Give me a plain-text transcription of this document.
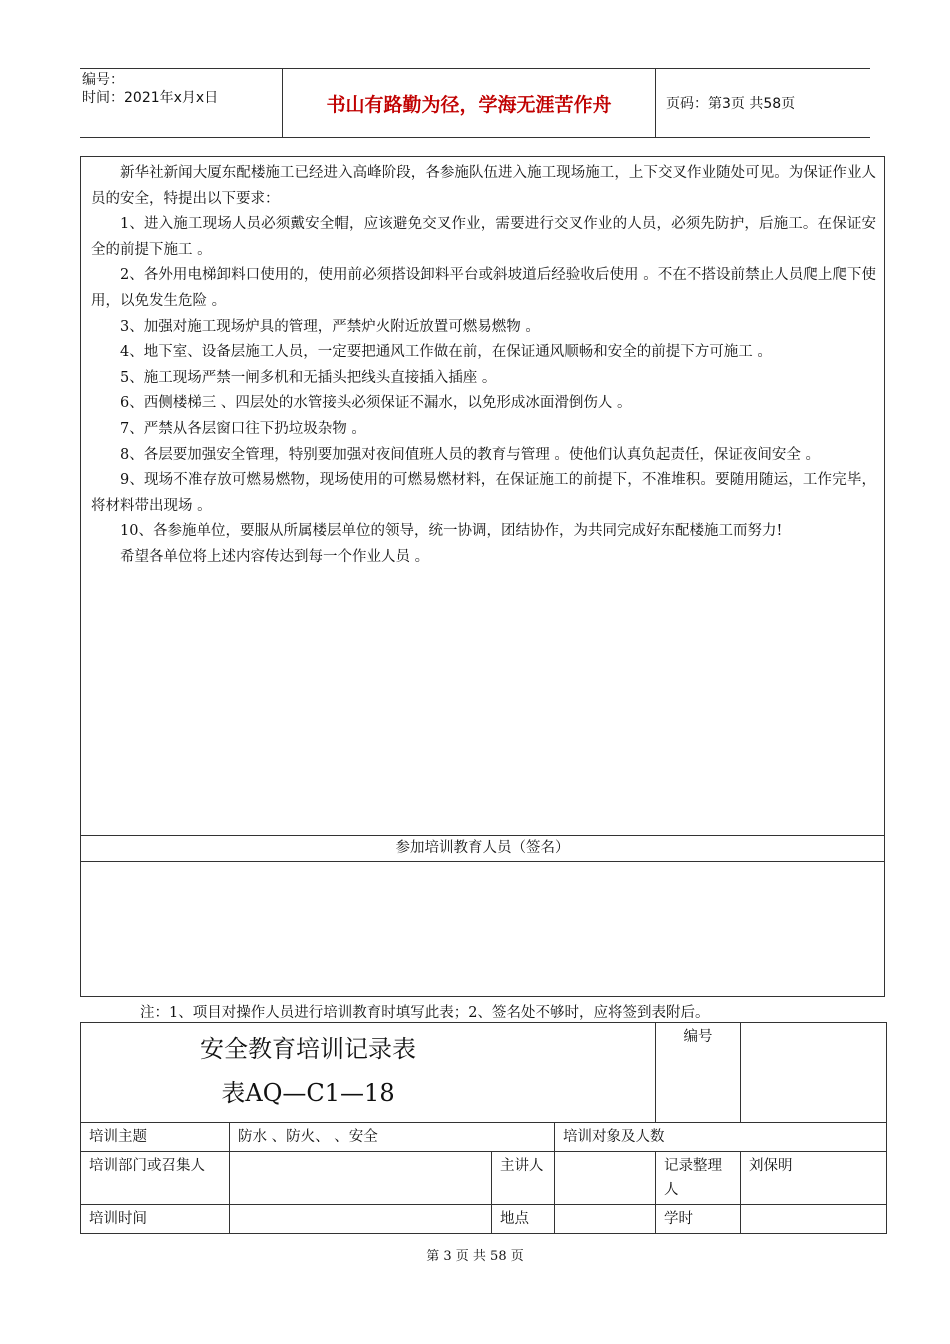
编号：
时间：2021年x月x日	书山有路勤为径，学海无涯苦作舟	页码：第3页 共58页

新华社新闻大厦东配楼施工已经进入高峰阶段，各参施队伍进入施工现场施工，上下交叉作业随处可见。为保证作业人员的安全，特提出以下要求：

1、进入施工现场人员必须戴安全帽，应该避免交叉作业，需要进行交叉作业的人员，必须先防护，后施工。在保证安全的前提下施工 。

2、各外用电梯卸料口使用的，使用前必须搭设卸料平台或斜坡道后经验收后使用 。不在不搭设前禁止人员爬上爬下使用，以免发生危险 。

3、加强对施工现场炉具的管理，严禁炉火附近放置可燃易燃物 。

4、地下室、设备层施工人员，一定要把通风工作做在前，在保证通风顺畅和安全的前提下方可施工 。

5、施工现场严禁一闸多机和无插头把线头直接插入插座 。

6、西侧楼梯三 、四层处的水管接头必须保证不漏水，以免形成冰面滑倒伤人 。

7、严禁从各层窗口往下扔垃圾杂物 。

8、各层要加强安全管理，特别要加强对夜间值班人员的教育与管理 。使他们认真负起责任，保证夜间安全 。

9、现场不准存放可燃易燃物，现场使用的可燃易燃材料，在保证施工的前提下，不准堆积。要随用随运，工作完毕，将材料带出现场 。

10、各参施单位，要服从所属楼层单位的领导，统一协调，团结协作，为共同完成好东配楼施工而努力!

希望各单位将上述内容传达到每一个作业人员 。

参加培训教育人员（签名）
注：1、项目对操作人员进行培训教育时填写此表；2、签名处不够时，应将签到表附后。
安全教育培训记录表
表AQ—C1—18				编号	
培训主题	防水 、防火、 、安全		培训对象及人数		
培训部门或召集人		主讲人		记录整理人	刘保明
培训时间		地点		学时	
第 3 页 共 58 页
